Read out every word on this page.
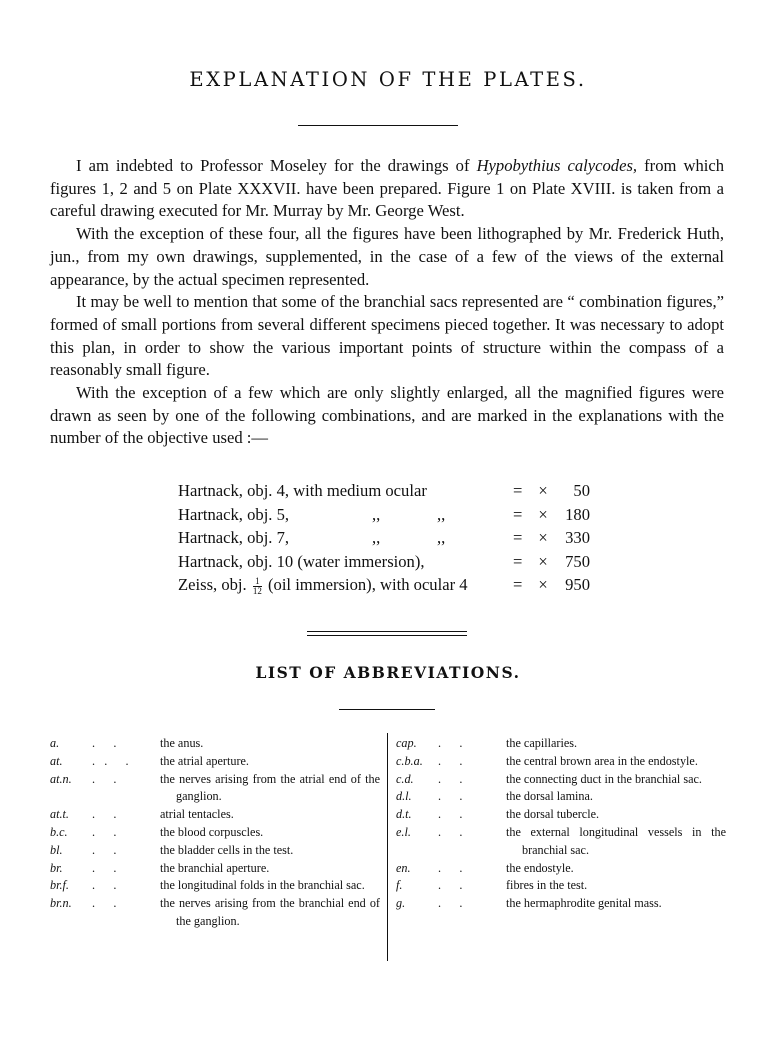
EXPLANATION OF THE PLATES.

I am indebted to Professor Moseley for the drawings of Hypobythius calycodes, from which figures 1, 2 and 5 on Plate XXXVII. have been prepared. Figure 1 on Plate XVIII. is taken from a careful drawing executed for Mr. Murray by Mr. George West.

With the exception of these four, all the figures have been lithographed by Mr. Frederick Huth, jun., from my own drawings, supplemented, in the case of a few of the views of the external appearance, by the actual specimen represented.

It may be well to mention that some of the branchial sacs represented are “ combination figures,” formed of small portions from several different specimens pieced together. It was necessary to adopt this plan, in order to show the various important points of structure within the compass of a reasonably small figure.

With the exception of a few which are only slightly enlarged, all the magnified figures were drawn as seen by one of the following combinations, and are marked in the explanations with the number of the objective used :—

Hartnack, obj. 4, with medium ocular	= ×	50
Hartnack, obj. 5,	,,	,,	= ×	180
Hartnack, obj. 7,	,,	,,	= ×	330
Hartnack, obj. 10 (water immersion),	= ×	750
Zeiss, obj. $\frac{1}{12} (oil$ immersion), with ocular 4	= ×	950
LIST OF ABBREVIATIONS.
a.	.      .	the anus.
at.	.   .      .	the atrial aperture.
at.n.	.      .	the nerves arising from the atrial end of the ganglion.
at.t.	.      .	atrial tentacles.
b.c.	.      .	the blood corpuscles.
bl.	.      .	the bladder cells in the test.
br.	.      .	the branchial aperture.
br.f.	.      .	the longitudinal folds in the branchial sac.
br.n.	.      .	the nerves arising from the branchial end of the ganglion.
cap.	.      .	the capillaries.
c.b.a.	.      .	the central brown area in the endostyle.
c.d.	.      .	the connecting duct in the branchial sac.
d.l.	.      .	the dorsal lamina.
d.t.	.      .	the dorsal tubercle.
e.l.	.      .	the external longitudinal vessels in the branchial sac.
en.	.      .	the endostyle.
f.	.      .	fibres in the test.
g.	.      .	the hermaphrodite genital mass.
